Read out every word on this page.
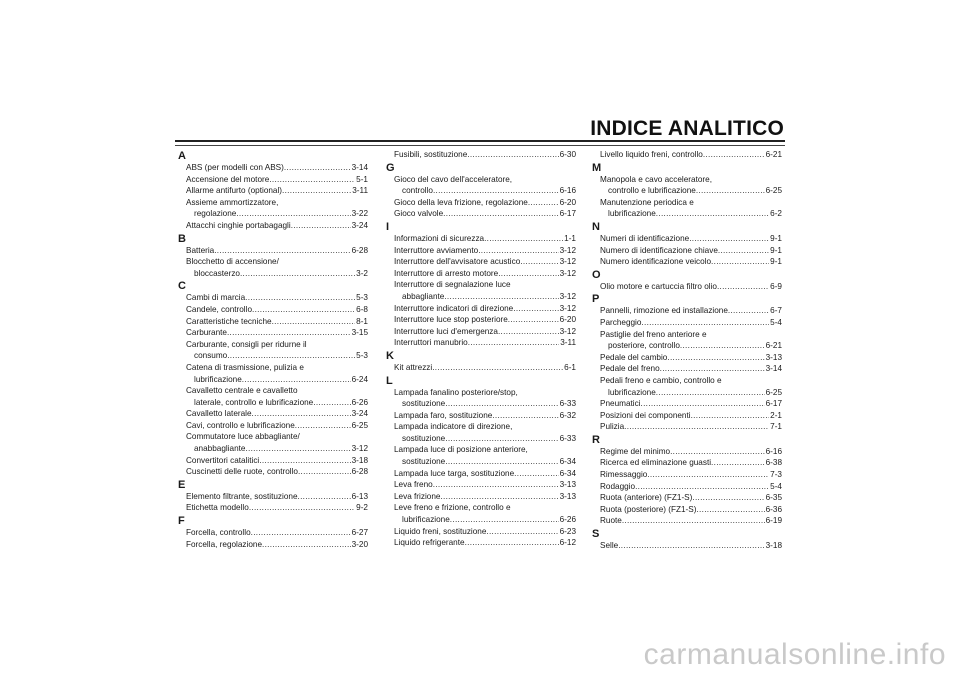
INDICE ANALITICO
A
ABS (per modelli con ABS) .....	3-14
Accensione del motore .....	5-1
Allarme antifurto (optional) .....	3-11
Assieme ammortizzatore,
regolazione .....	3-22
Attacchi cinghie portabagagli .....	3-24
B
Batteria .....	6-28
Blocchetto di accensione/
bloccasterzo .....	3-2
C
Cambi di marcia .....	5-3
Candele, controllo .....	6-8
Caratteristiche tecniche .....	8-1
Carburante .....	3-15
Carburante, consigli per ridurne il
consumo .....	5-3
Catena di trasmissione, pulizia e
lubrificazione .....	6-24
Cavalletto centrale e cavalletto
laterale, controllo e lubrificazione .....	6-26
Cavalletto laterale .....	3-24
Cavi, controllo e lubrificazione .....	6-25
Commutatore luce abbagliante/
anabbagliante .....	3-12
Convertitori catalitici .....	3-18
Cuscinetti delle ruote, controllo .....	6-28
E
Elemento filtrante, sostituzione .....	6-13
Etichetta modello .....	9-2
F
Forcella, controllo .....	6-27
Forcella, regolazione .....	3-20
Fusibili, sostituzione .....	6-30
G
Gioco del cavo dell'acceleratore,
controllo .....	6-16
Gioco della leva frizione, regolazione .....	6-20
Gioco valvole .....	6-17
I
Informazioni di sicurezza .....	1-1
Interruttore avviamento .....	3-12
Interruttore dell'avvisatore acustico .....	3-12
Interruttore di arresto motore .....	3-12
Interruttore di segnalazione luce
abbagliante .....	3-12
Interruttore indicatori di direzione .....	3-12
Interruttore luce stop posteriore .....	6-20
Interruttore luci d'emergenza .....	3-12
Interruttori manubrio .....	3-11
K
Kit attrezzi .....	6-1
L
Lampada fanalino posteriore/stop,
sostituzione .....	6-33
Lampada faro, sostituzione .....	6-32
Lampada indicatore di direzione,
sostituzione .....	6-33
Lampada luce di posizione anteriore,
sostituzione .....	6-34
Lampada luce targa, sostituzione .....	6-34
Leva freno .....	3-13
Leva frizione .....	3-13
Leve freno e frizione, controllo e
lubrificazione .....	6-26
Liquido freni, sostituzione .....	6-23
Liquido refrigerante .....	6-12
Livello liquido freni, controllo .....	6-21
M
Manopola e cavo acceleratore,
controllo e lubrificazione .....	6-25
Manutenzione periodica e
lubrificazione .....	6-2
N
Numeri di identificazione .....	9-1
Numero di identificazione chiave .....	9-1
Numero identificazione veicolo .....	9-1
O
Olio motore e cartuccia filtro olio .....	6-9
P
Pannelli, rimozione ed installazione .....	6-7
Parcheggio .....	5-4
Pastiglie del freno anteriore e
posteriore, controllo .....	6-21
Pedale del cambio .....	3-13
Pedale del freno .....	3-14
Pedali freno e cambio, controllo e
lubrificazione .....	6-25
Pneumatici .....	6-17
Posizioni dei componenti .....	2-1
Pulizia .....	7-1
R
Regime del minimo .....	6-16
Ricerca ed eliminazione guasti .....	6-38
Rimessaggio .....	7-3
Rodaggio .....	5-4
Ruota (anteriore) (FZ1-S) .....	6-35
Ruota (posteriore) (FZ1-S) .....	6-36
Ruote .....	6-19
S
Selle .....	3-18
carmanualsonline.info
